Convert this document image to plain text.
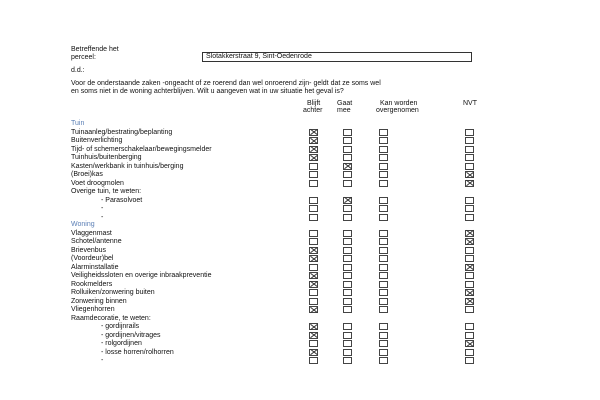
Betreffende het
perceel:	Slotakkerstraat 9, Sint-Oedenrode
d.d.:
Voor de onderstaande zaken -ongeacht of ze roerend dan wel onroerend zijn- geldt dat ze soms wel
en soms niet in de woning achterblijven. Wilt u aangeven wat in uw situatie het geval is?
Blijft
achter
Gaat
mee
Kan worden
overgenomen
NVT
Tuin
Tuinaanleg/bestrating/beplanting
Buitenverlichting
Tijd- of schemerschakelaar/bewegingsmelder
Tuinhuis/buitenberging
Kasten/werkbank in tuinhuis/berging
(Broei)kas
Voet droogmolen
Overige tuin, te weten:
- Parasolvoet
-
-
Woning
Vlaggenmast
Schotel/antenne
Brievenbus
(Voordeur)bel
Alarminstallatie
Veiligheidssloten en overige inbraakpreventie
Rookmelders
Rolluiken/zonwering buiten
Zonwering binnen
Vliegenhorren
Raamdecoratie, te weten:
- gordijnrails
- gordijnen/vitrages
- rolgordijnen
- losse horren/rolhorren
-
